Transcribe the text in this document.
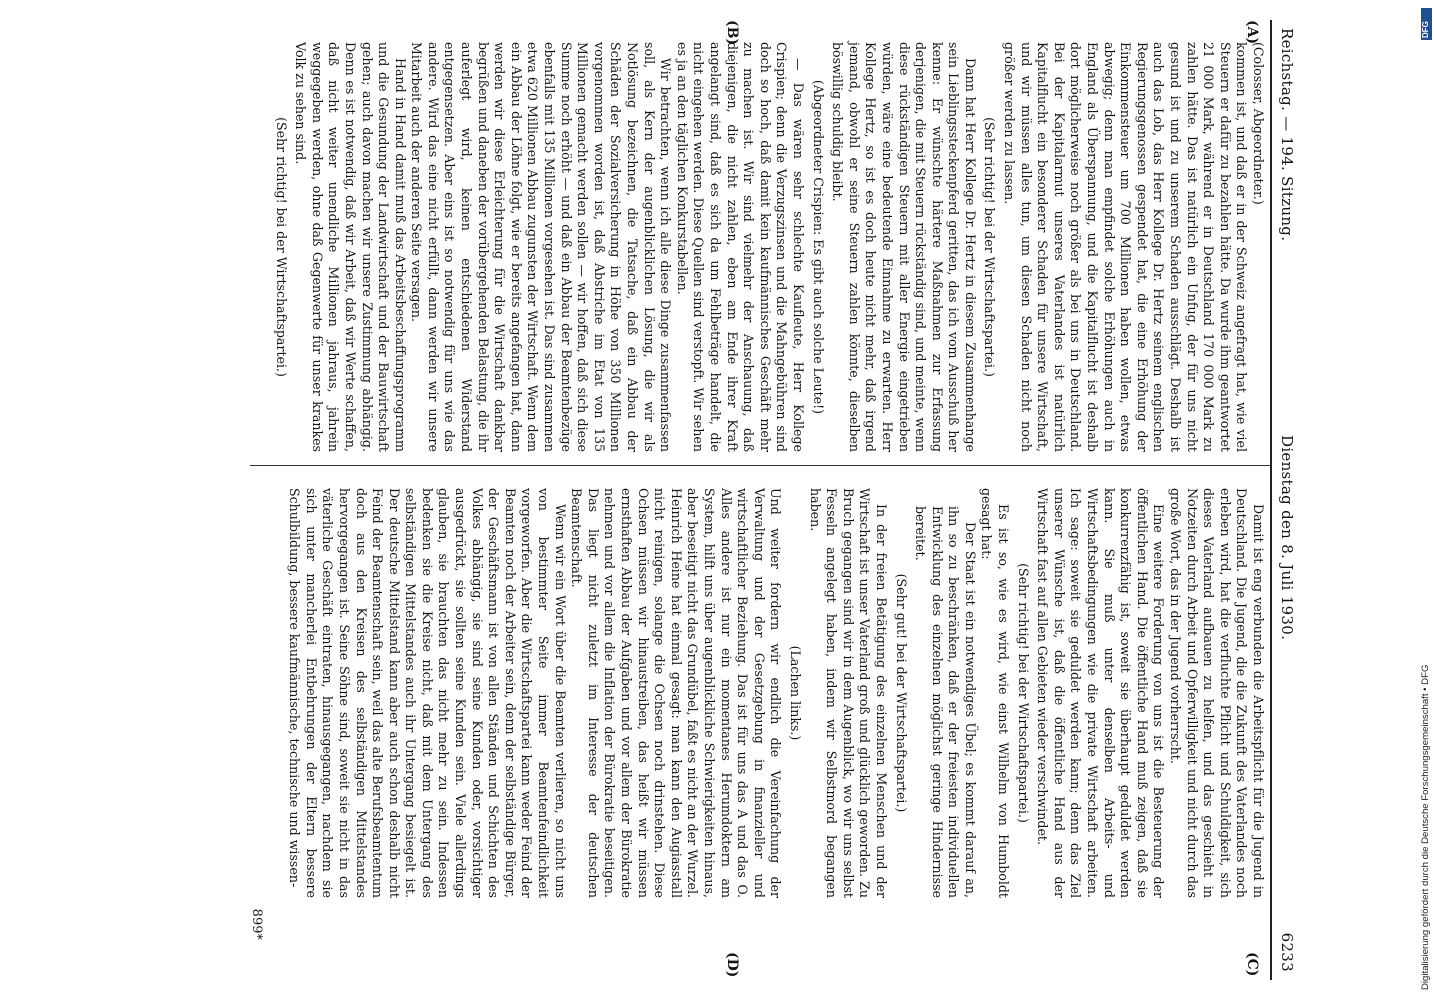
Reichstag. — 194. Sitzung.
Dienstag den 8. Juli 1930.
6233
(A)
(B)
(C)
(D)

(Colosser, Abgeordneter.)

kommen ist, und daß er in der Schweiz angefragt hat, wie viel Steuern er dafür zu bezahlen hätte. Da wurde ihm geantwortet 21 000 Mark, während er in Deutschland 170 000 Mark zu zahlen hätte. Das ist natürlich ein Unfug, der für uns nicht gesund ist und zu unserem Schaden ausschlägt. Deshalb ist auch das Lob, das Herr Kollege Dr. Hertz seinem englischen Regierungsgenossen gespendet hat, die eine Erhöhung der Einkommensteuer um 700 Millionen haben wollen, etwas abwegig; denn man empfindet solche Erhöhungen auch in England als Überspannung, und die Kapitalflucht ist deshalb dort möglicherweise noch größer als bei uns in Deutschland. Bei der Kapitalarmut unseres Vaterlandes ist natürlich Kapitalflucht ein besonderer Schaden für unsere Wirtschaft, und wir müssen alles tun, um diesen Schaden nicht noch größer werden zu lassen.

(Sehr richtig! bei der Wirtschaftspartei.)

Dann hat Herr Kollege Dr. Hertz in diesem Zusammenhange sein Lieblingssteckenpferd geritten, das ich vom Ausschuß her kenne: Er wünschte härtere Maßnahmen zur Erfassung derjenigen, die mit Steuern rückständig sind, und meinte, wenn diese rückständigen Steuern mit aller Energie eingetrieben würden, wäre eine bedeutende Einnahme zu erwarten. Herr Kollege Hertz, so ist es doch heute nicht mehr, daß irgend jemand, obwohl er seine Steuern zahlen könnte, dieselben böswillig schuldig bleibt.

(Abgeordneter Crispien: Es gibt auch solche Leute!)

— Das wären sehr schlechte Kaufleute, Herr Kollege Crispien; denn die Verzugszinsen und die Mahngebühren sind doch so hoch, daß damit kein kaufmännisches Geschäft mehr zu machen ist. Wir sind vielmehr der Anschauung, daß diejenigen, die nicht zahlen, eben am Ende ihrer Kraft angelangt sind, daß es sich da um Fehlbeträge handelt, die nicht eingehen werden. Diese Quellen sind verstopft. Wir sehen es ja an den täglichen Konkurstabellen.

Wir betrachten, wenn ich alle diese Dinge zusammenfassen soll, als Kern der augenblicklichen Lösung, die wir als Notlösung bezeichnen, die Tatsache, daß ein Abbau der Schäden der Sozialversicherung in Höhe von 350 Millionen vorgenommen worden ist, daß Abstriche im Etat von 135 Millionen gemacht werden sollen — wir hoffen, daß sich diese Summe noch erhöht — und daß ein Abbau der Beamtenbezüge ebenfalls mit 135 Millionen vorgesehen ist. Das sind zusammen etwa 620 Millionen Abbau zugunsten der Wirtschaft. Wenn dem ein Abbau der Löhne folgt, wie er bereits angefangen hat, dann werden wir diese Erleichterung für die Wirtschaft dankbar begrüßen und daneben der vorübergehenden Belastung, die ihr auferlegt wird, keinen entschiedenen Widerstand entgegensetzen. Aber eins ist so notwendig für uns wie das andere. Wird das eine nicht erfüllt, dann werden wir unsere Mitarbeit auch der anderen Seite versagen.

Hand in Hand damit muß das Arbeitsbeschaffungsprogramm und die Gesundung der Landwirtschaft und der Bauwirtschaft gehen; auch davon machen wir unsere Zustimmung abhängig. Denn es ist notwendig, daß wir Arbeit, daß wir Werte schaffen, daß nicht weiter unendliche Millionen jahraus, jahrein weggegeben werden, ohne daß Gegenwerte für unser krankes Volk zu sehen sind.

(Sehr richtig! bei der Wirtschaftspartei.)

Damit ist eng verbunden die Arbeitspflicht für die Jugend in Deutschland. Die Jugend, die die Zukunft des Vaterlandes noch erleben wird, hat die verfluchte Pflicht und Schuldigkeit, sich dieses Vaterland aufbauen zu helfen, und das geschieht in Notzeiten durch Arbeit und Opferwilligkeit und nicht durch das große Wort, das in der Jugend vorherrscht.

Eine weitere Forderung von uns ist die Besteuerung der öffentlichen Hand. Die öffentliche Hand muß zeigen, daß sie konkurrenzfähig ist, soweit sie überhaupt geduldet werden kann. Sie muß unter denselben Arbeits- und Wirtschaftsbedingungen wie die private Wirtschaft arbeiten. Ich sage: soweit sie geduldet werden kann; denn das Ziel unserer Wünsche ist, daß die öffentliche Hand aus der Wirtschaft fast auf allen Gebieten wieder verschwindet.

(Sehr richtig! bei der Wirtschaftspartei.)

Es ist so, wie es wird, wie einst Wilhelm von Humboldt gesagt hat:

Der Staat ist ein notwendiges Übel; es kommt darauf an, ihn so zu beschränken, daß er der freiesten individuellen Entwicklung des einzelnen möglichst geringe Hindernisse bereitet.

(Sehr gut! bei der Wirtschaftspartei.)

In der freien Betätigung des einzelnen Menschen und der Wirtschaft ist unser Vaterland groß und glücklich geworden. Zu Bruch gegangen sind wir in dem Augenblick, wo wir uns selbst Fesseln angelegt haben, indem wir Selbstmord begangen haben.

(Lachen links.)

Und weiter fordern wir endlich die Vereinfachung der Verwaltung und der Gesetzgebung in finanzieller und wirtschaftlicher Beziehung. Das ist für uns das A und das O. Alles andere ist nur ein momentanes Herumdoktern am System, hilft uns über augenblickliche Schwierigkeiten hinaus, aber beseitigt nicht das Grundübel, faßt es nicht an der Wurzel. Heinrich Heine hat einmal gesagt: man kann den Augiasstall nicht reinigen, solange die Ochsen noch drinstehen. Diese Ochsen müssen wir hinaustreiben, das heißt wir müssen ernsthaften Abbau der Aufgaben und vor allem der Bürokratie nehmen und vor allem die Inflation der Bürokratie beseitigen. Das liegt nicht zuletzt im Interesse der deutschen Beamtenschaft.

Wenn wir ein Wort über die Beamten verlieren, so nicht uns von bestimmter Seite immer Beamtenfeindlichkeit vorgeworfen. Aber die Wirtschaftspartei kann weder Feind der Beamten noch der Arbeiter sein, denn der selbständige Bürger, der Geschäftsmann ist von allen Ständen und Schichten des Volkes abhängig, sie sind seine Kunden oder, vorsichtiger ausgedrückt, sie sollten seine Kunden sein. Viele allerdings glauben, sie brauchten das nicht mehr zu sein. Indessen bedenken sie die Kreise nicht, daß mit dem Untergang des selbständigen Mittelstandes auch ihr Untergang besiegelt ist. Der deutsche Mittelstand kann aber auch schon deshalb nicht Feind der Beamtenschaft sein, weil das alte Berufsbeamtentum doch aus den Kreisen des selbständigen Mittelstandes hervorgegangen ist. Seine Söhne sind, soweit sie nicht in das väterliche Geschäft eintraten, hinausgegangen, nachdem sie sich unter mancherlei Entbehrungen der Eltern bessere Schulbildung, bessere kaufmännische, technische und wissen-

899*
DFG
Digitalisierung gefördert durch die Deutsche Forschungsgemeinschaft • DFG
